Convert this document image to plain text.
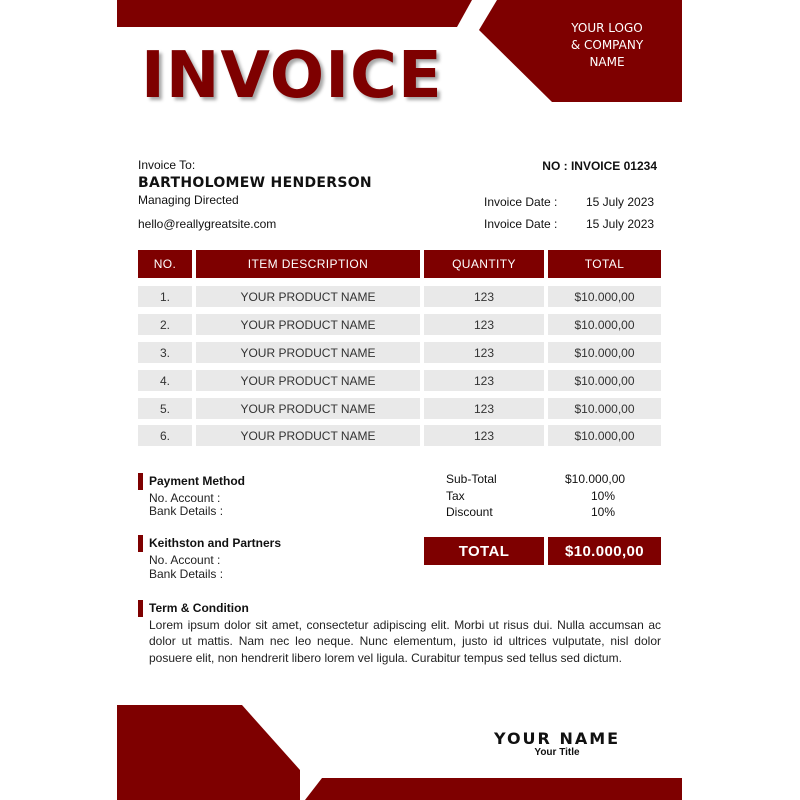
INVOICE
YOUR LOGO
& COMPANY
NAME
Invoice To:
BARTHOLOMEW HENDERSON
Managing Directed
hello@reallygreatsite.com
NO : INVOICE 01234
Invoice Date : 15 July 2023
Invoice Date : 15 July 2023
NO.	ITEM DESCRIPTION	QUANTITY	TOTAL
1.	YOUR PRODUCT NAME	123	$10.000,00
2.	YOUR PRODUCT NAME	123	$10.000,00
3.	YOUR PRODUCT NAME	123	$10.000,00
4.	YOUR PRODUCT NAME	123	$10.000,00
5.	YOUR PRODUCT NAME	123	$10.000,00
6.	YOUR PRODUCT NAME	123	$10.000,00
Payment Method
No. Account :
Bank Details :
Keithston and Partners
No. Account :
Bank Details :
Sub-Total	$10.000,00
Tax	10%
Discount	10%
TOTAL	$10.000,00
Term & Condition
Lorem ipsum dolor sit amet, consectetur adipiscing elit. Morbi ut risus dui. Nulla accumsan ac dolor ut mattis. Nam nec leo neque. Nunc elementum, justo id ultrices vulputate, nisl dolor posuere elit, non hendrerit libero lorem vel ligula. Curabitur tempus sed tellus sed dictum.
YOUR NAME
Your Title
